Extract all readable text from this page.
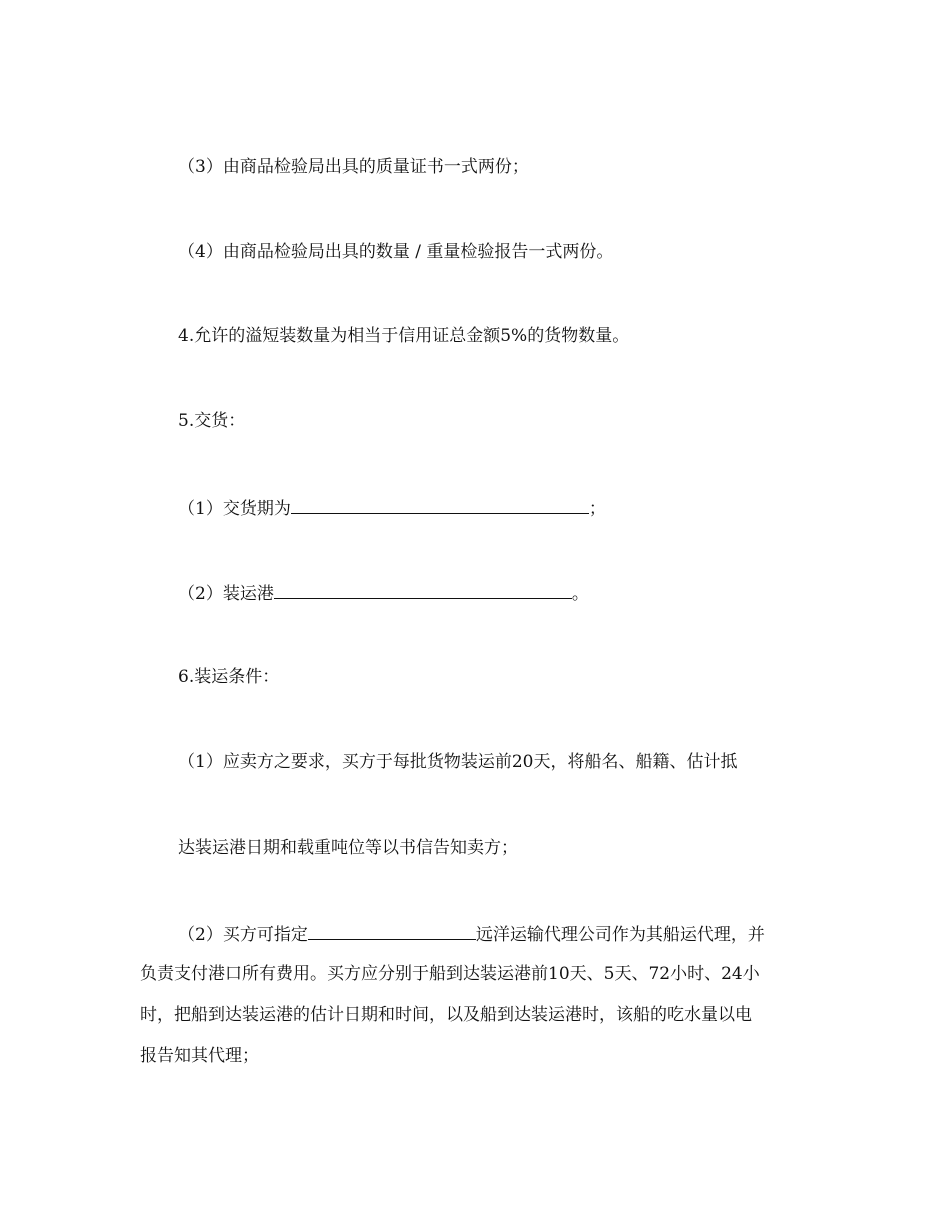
（3）由商品检验局出具的质量证书一式两份；
（4）由商品检验局出具的数量 / 重量检验报告一式两份。
4.允许的溢短装数量为相当于信用证总金额5%的货物数量。
5.交货：
（1）交货期为	；
（2）装运港	。
6.装运条件：
（1）应卖方之要求，买方于每批货物装运前20天，将船名、船籍、估计抵
达装运港日期和载重吨位等以书信告知卖方；
（2）买方可指定	远洋运输代理公司作为其船运代理，并
负责支付港口所有费用。买方应分别于船到达装运港前10天、5天、72小时、24小
时，把船到达装运港的估计日期和时间，以及船到达装运港时，该船的吃水量以电
报告知其代理；
